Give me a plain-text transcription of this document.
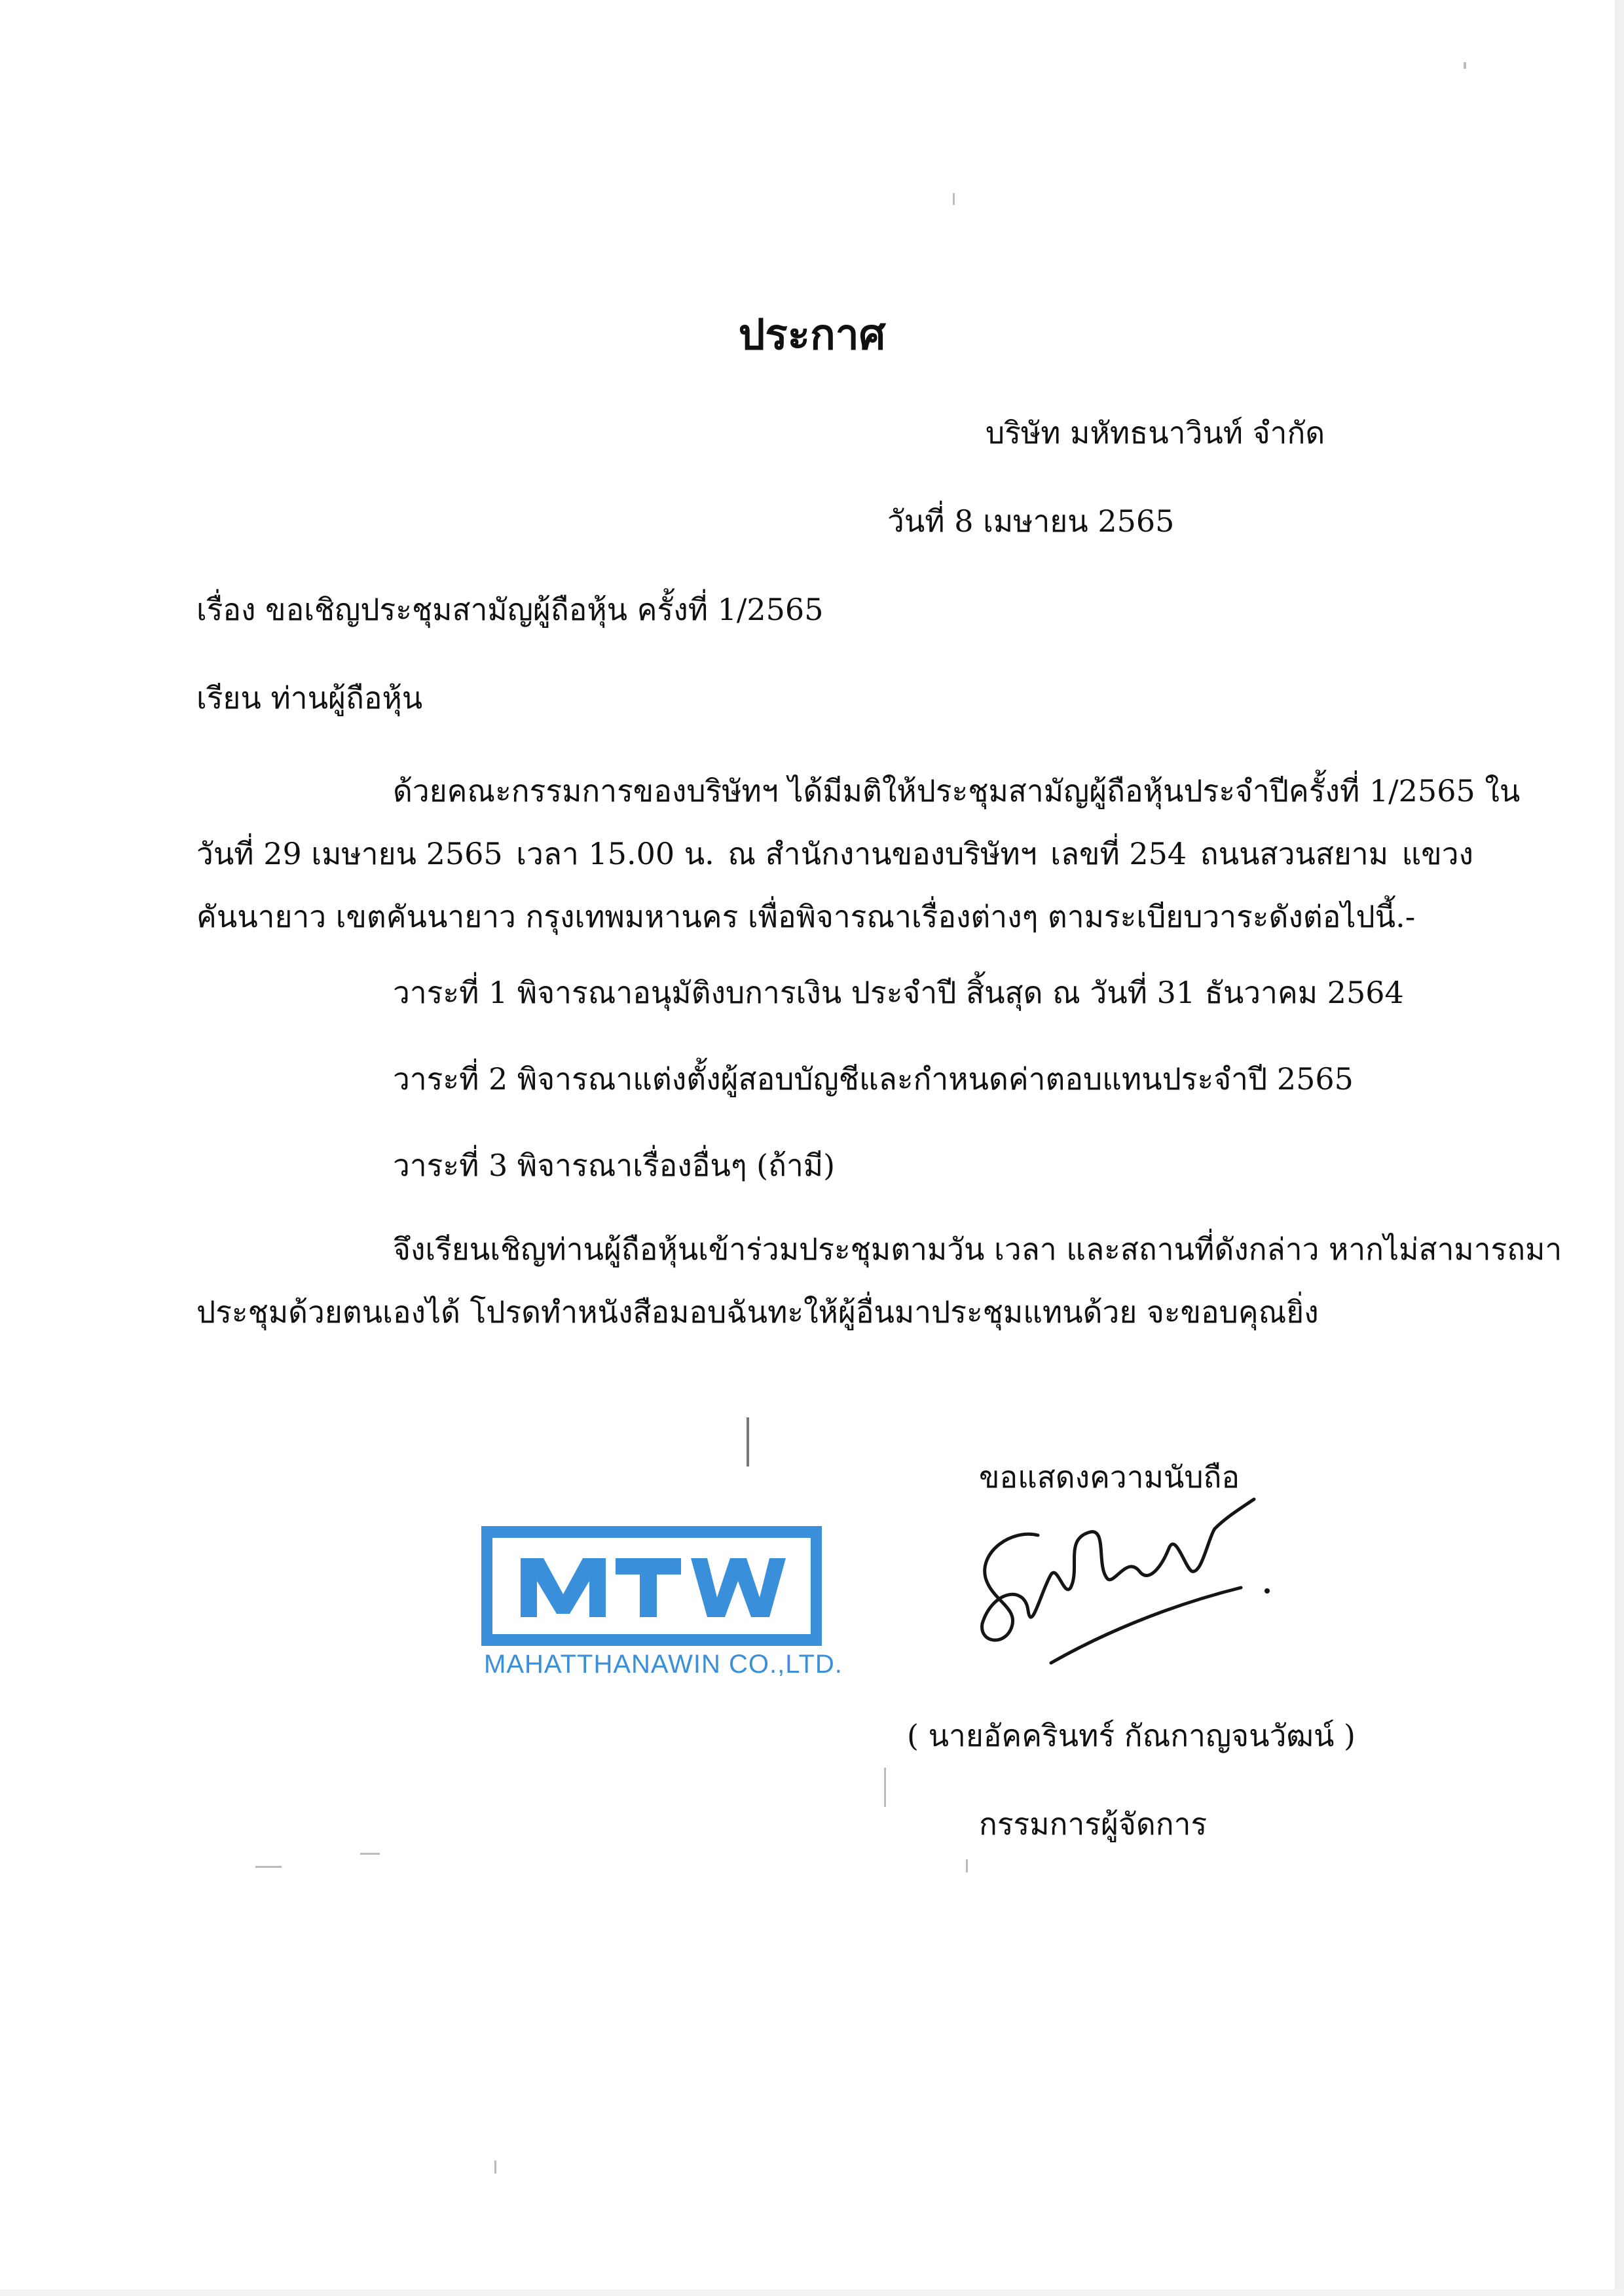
ประกาศ
บริษัท มหัทธนาวินท์ จำกัด
วันที่ 8 เมษายน 2565
เรื่อง ขอเชิญประชุมสามัญผู้ถือหุ้น ครั้งที่ 1/2565
เรียน ท่านผู้ถือหุ้น
ด้วยคณะกรรมการของบริษัทฯ ได้มีมติให้ประชุมสามัญผู้ถือหุ้นประจำปี ครั้งที่ 1/2565 ใน
วันที่ 29 เมษายน 2565 เวลา 15.00 น. ณ สำนักงานของบริษัทฯ เลขที่ 254 ถนนสวนสยาม แขวง
คันนายาว เขตคันนายาว กรุงเทพมหานคร เพื่อพิจารณาเรื่องต่างๆ ตามระเบียบวาระดังต่อไปนี้.-
วาระที่ 1 พิจารณาอนุมัติงบการเงิน ประจำปี สิ้นสุด ณ วันที่ 31 ธันวาคม 2564
วาระที่ 2 พิจารณาแต่งตั้งผู้สอบบัญชีและกำหนดค่าตอบแทนประจำปี 2565
วาระที่ 3 พิจารณาเรื่องอื่นๆ (ถ้ามี)
จึงเรียนเชิญท่านผู้ถือหุ้นเข้าร่วมประชุมตามวัน เวลา และสถานที่ดังกล่าว หากไม่สามารถมา
ประชุมด้วยตนเองได้ โปรดทำหนังสือมอบฉันทะให้ผู้อื่นมาประชุมแทนด้วย จะขอบคุณยิ่ง
ขอแสดงความนับถือ
MAHATTHANAWIN CO.,LTD.
( นายอัคครินทร์ กัณกาญจนวัฒน์ )
กรรมการผู้จัดการ
